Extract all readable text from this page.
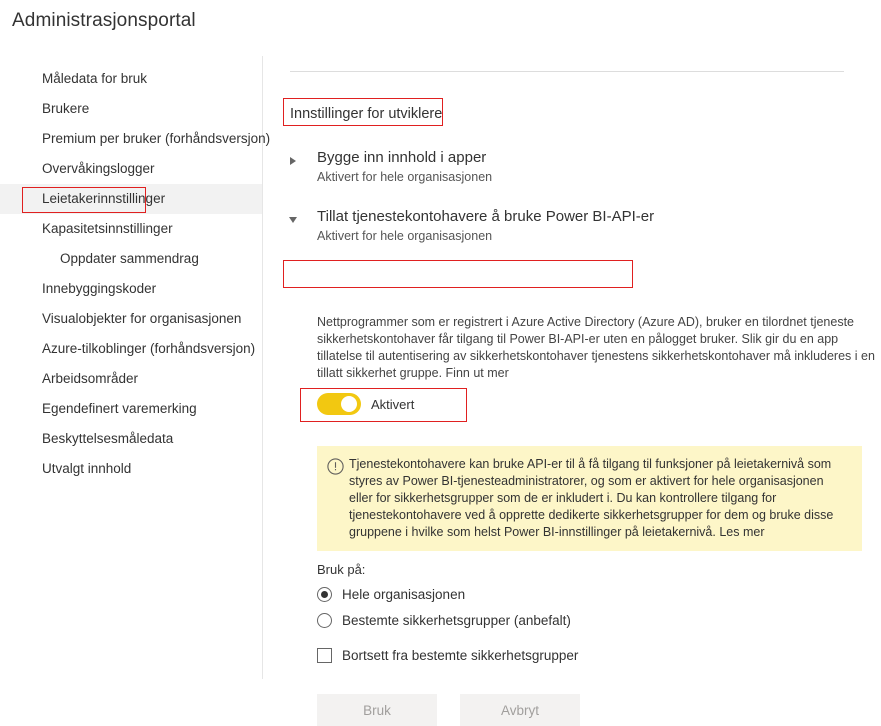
Administrasjonsportal
Måledata for bruk
Brukere
Premium per bruker (forhåndsversjon)
Overvåkingslogger
Leietakerinnstillinger
Kapasitetsinnstillinger
Oppdater sammendrag
Innebyggingskoder
Visualobjekter for organisasjonen
Azure-tilkoblinger (forhåndsversjon)
Arbeidsområder
Egendefinert varemerking
Beskyttelsesmåledata
Utvalgt innhold
Innstillinger for utviklere
Bygge inn innhold i apper
Aktivert for hele organisasjonen
Tillat tjenestekontohavere å bruke Power BI-API-er
Aktivert for hele organisasjonen
Nettprogrammer som er registrert i Azure Active Directory (Azure AD), bruker en tilordnet tjeneste sikkerhetskontohaver får tilgang til Power BI-API-er uten en pålogget bruker. Slik gir du en app tillatelse til autentisering av sikkerhetskontohaver tjenestens sikkerhetskontohaver må inkluderes i en tillatt sikkerhet gruppe. Finn ut mer
Aktivert
Tjenestekontohavere kan bruke API-er til å få tilgang til funksjoner på leietakernivå som styres av Power BI-tjenesteadministratorer, og som er aktivert for hele organisasjonen eller for sikkerhetsgrupper som de er inkludert i. Du kan kontrollere tilgang for tjenestekontohavere ved å opprette dedikerte sikkerhetsgrupper for dem og bruke disse gruppene i hvilke som helst Power BI-innstillinger på leietakernivå. Les mer
Bruk på:
Hele organisasjonen
Bestemte sikkerhetsgrupper (anbefalt)
Bortsett fra bestemte sikkerhetsgrupper
Bruk	Avbryt
